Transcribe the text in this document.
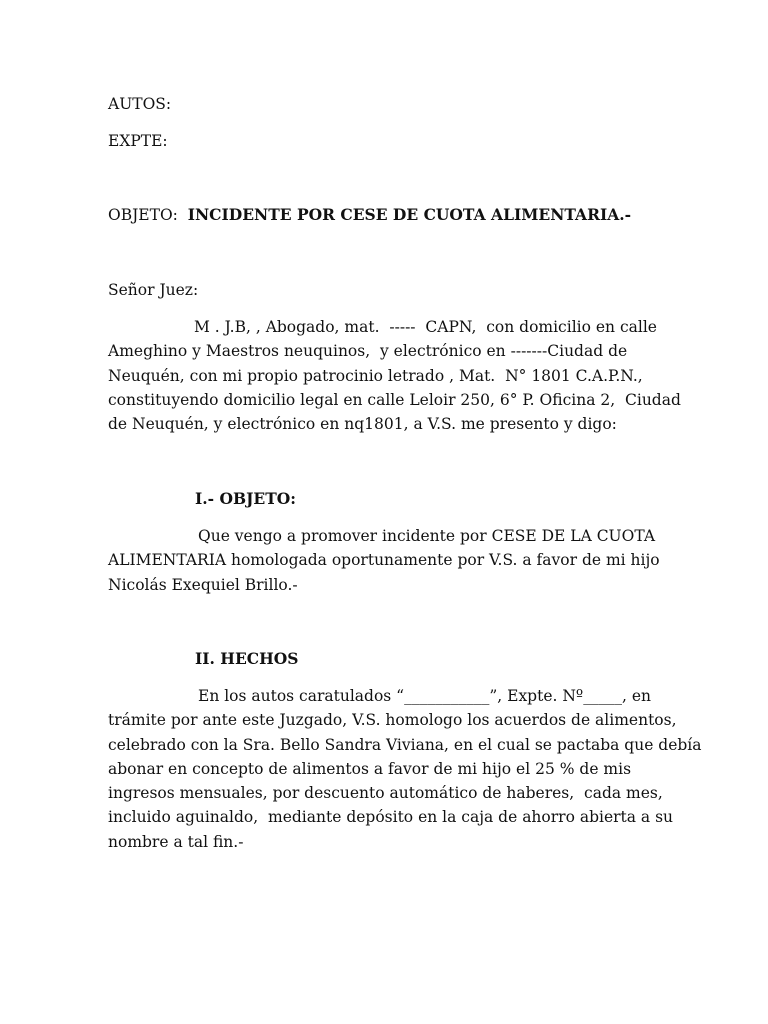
AUTOS:
EXPTE:
OBJETO: INCIDENTE POR CESE DE CUOTA ALIMENTARIA.-
Señor Juez:

M . J.B, , Abogado, mat.  -----  CAPN,  con domicilio en calle

Ameghino y Maestros neuquinos,  y electrónico en -------Ciudad de

Neuquén, con mi propio patrocinio letrado , Mat.  N° 1801 C.A.P.N.,

constituyendo domicilio legal en calle Leloir 250, 6° P. Oficina 2,  Ciudad

de Neuquén, y electrónico en nq1801, a V.S. me presento y digo:

I.- OBJETO:

Que vengo a promover incidente por CESE DE LA CUOTA

ALIMENTARIA homologada oportunamente por V.S. a favor de mi hijo

Nicolás Exequiel Brillo.-

II. HECHOS

En los autos caratulados “___________”, Expte. Nº_____, en

trámite por ante este Juzgado, V.S. homologo los acuerdos de alimentos,

celebrado con la Sra. Bello Sandra Viviana, en el cual se pactaba que debía

abonar en concepto de alimentos a favor de mi hijo el 25 % de mis

ingresos mensuales, por descuento automático de haberes,  cada mes,

incluido aguinaldo,  mediante depósito en la caja de ahorro abierta a su

nombre a tal fin.-
